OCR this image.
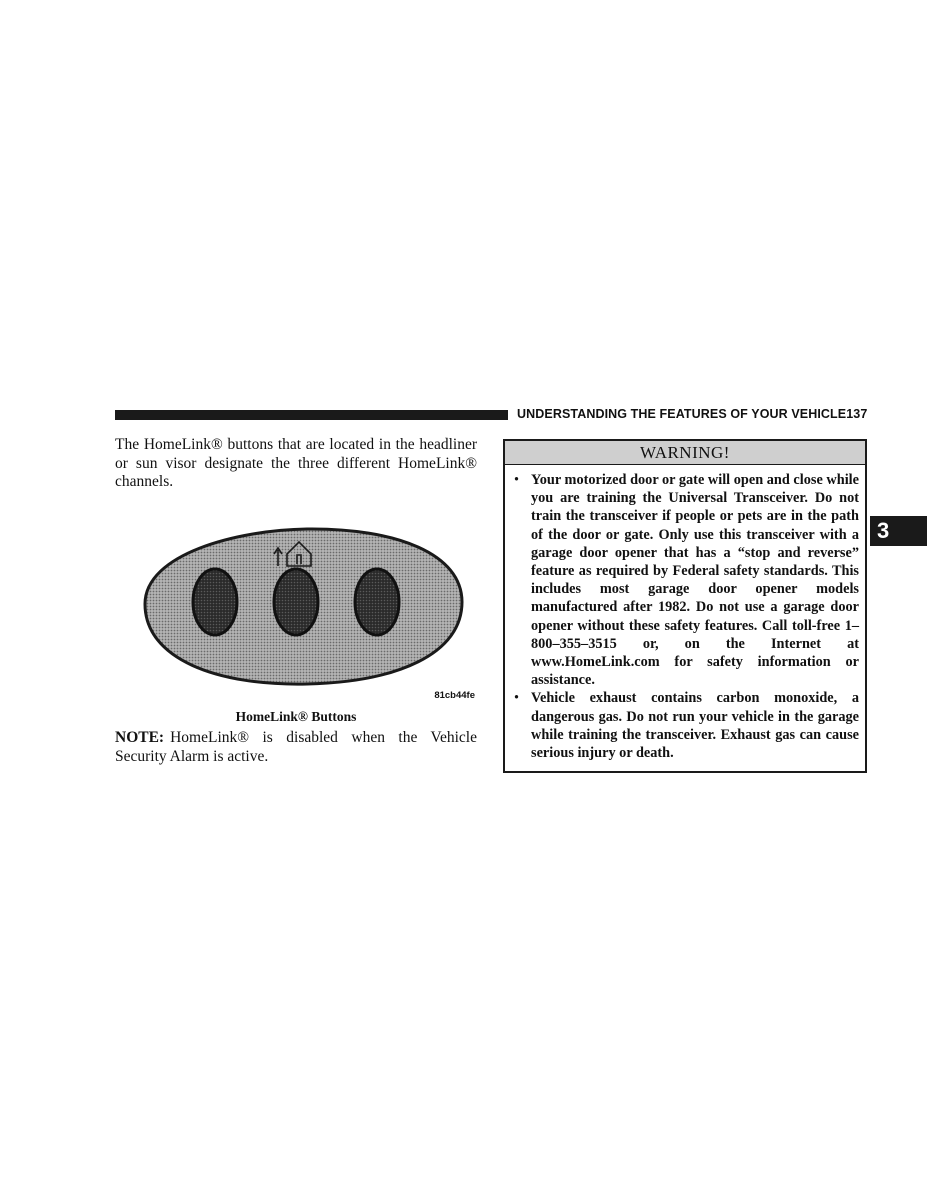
UNDERSTANDING THE FEATURES OF YOUR VEHICLE 137

The HomeLink® buttons that are located in the headliner or sun visor designate the three different HomeLink® channels.

81cb44fe
HomeLink® Buttons

NOTE: HomeLink® is disabled when the Vehicle Security Alarm is active.

WARNING!
• Your motorized door or gate will open and close while you are training the Universal Transceiver. Do not train the transceiver if people or pets are in the path of the door or gate. Only use this transceiver with a garage door opener that has a “stop and reverse” feature as required by Federal safety standards. This includes most garage door opener models manufactured after 1982. Do not use a garage door opener without these safety features. Call toll-free 1–800–355–3515 or, on the Internet at www.HomeLink.com for safety information or assistance.
• Vehicle exhaust contains carbon monoxide, a dangerous gas. Do not run your vehicle in the garage while training the transceiver. Exhaust gas can cause serious injury or death.
3
